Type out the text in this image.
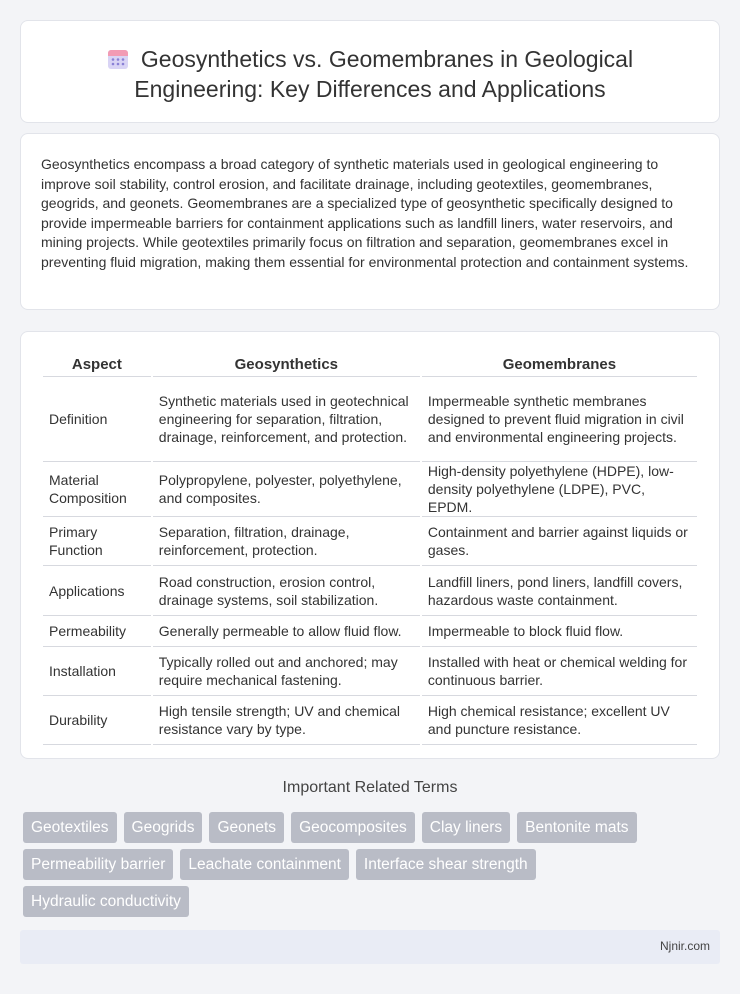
Geosynthetics vs. Geomembranes in Geological Engineering: Key Differences and Applications

Geosynthetics encompass a broad category of synthetic materials used in geological engineering to improve soil stability, control erosion, and facilitate drainage, including geotextiles, geomembranes, geogrids, and geonets. Geomembranes are a specialized type of geosynthetic specifically designed to provide impermeable barriers for containment applications such as landfill liners, water reservoirs, and mining projects. While geotextiles primarily focus on filtration and separation, geomembranes excel in preventing fluid migration, making them essential for environmental protection and containment systems.

Aspect	Geosynthetics	Geomembranes
Definition	Synthetic materials used in geotechnical engineering for separation, filtration, drainage, reinforcement, and protection.	Impermeable synthetic membranes designed to prevent fluid migration in civil and environmental engineering projects.
Material Composition	Polypropylene, polyester, polyethylene, and composites.	High-density polyethylene (HDPE), low-density polyethylene (LDPE), PVC, EPDM.
Primary Function	Separation, filtration, drainage, reinforcement, protection.	Containment and barrier against liquids or gases.
Applications	Road construction, erosion control, drainage systems, soil stabilization.	Landfill liners, pond liners, landfill covers, hazardous waste containment.
Permeability	Generally permeable to allow fluid flow.	Impermeable to block fluid flow.
Installation	Typically rolled out and anchored; may require mechanical fastening.	Installed with heat or chemical welding for continuous barrier.
Durability	High tensile strength; UV and chemical resistance vary by type.	High chemical resistance; excellent UV and puncture resistance.
Important Related Terms
Geotextiles	Geogrids	Geonets	Geocomposites	Clay liners	Bentonite mats
Permeability barrier	Leachate containment	Interface shear strength
Hydraulic conductivity
Njnir.com
